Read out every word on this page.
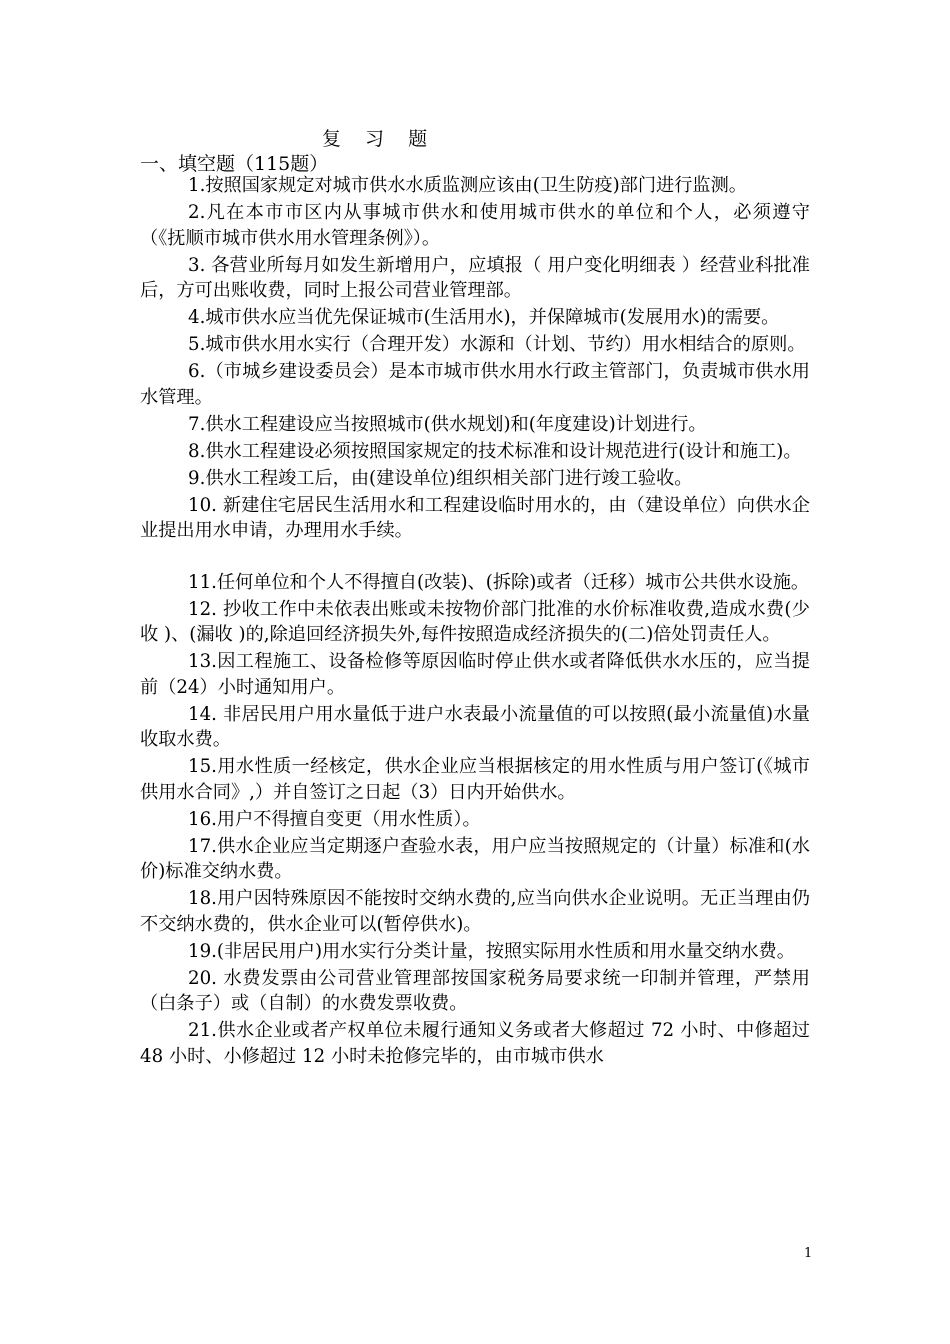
复 习 题
一、填空题（115题）

1.按照国家规定对城市供水水质监测应该由(卫生防疫)部门进行监测。

2.凡在本市市区内从事城市供水和使用城市供水的单位和个人，必须遵守（《抚顺市城市供水用水管理条例》）。

3. 各营业所每月如发生新增用户，应填报（ 用户变化明细表 ）经营业科批准后，方可出账收费，同时上报公司营业管理部。

4.城市供水应当优先保证城市(生活用水)，并保障城市(发展用水)的需要。

5.城市供水用水实行（合理开发）水源和（计划、节约）用水相结合的原则。

6.（市城乡建设委员会）是本市城市供水用水行政主管部门，负责城市供水用水管理。

7.供水工程建设应当按照城市(供水规划)和(年度建设)计划进行。

8.供水工程建设必须按照国家规定的技术标准和设计规范进行(设计和施工)。

9.供水工程竣工后，由(建设单位)组织相关部门进行竣工验收。

10. 新建住宅居民生活用水和工程建设临时用水的，由（建设单位）向供水企业提出用水申请，办理用水手续。

11.任何单位和个人不得擅自(改装)、(拆除)或者（迁移）城市公共供水设施。

12. 抄收工作中未依表出账或未按物价部门批准的水价标准收费,造成水费(少收 )、(漏收 )的,除追回经济损失外,每件按照造成经济损失的(二)倍处罚责任人。

13.因工程施工、设备检修等原因临时停止供水或者降低供水水压的，应当提前（24）小时通知用户。

14. 非居民用户用水量低于进户水表最小流量值的可以按照(最小流量值)水量收取水费。

15.用水性质一经核定，供水企业应当根据核定的用水性质与用户签订(《城市供用水合同》,）并自签订之日起（3）日内开始供水。

16.用户不得擅自变更（用水性质）。

17.供水企业应当定期逐户查验水表，用户应当按照规定的（计量）标准和(水价)标准交纳水费。

18.用户因特殊原因不能按时交纳水费的,应当向供水企业说明。无正当理由仍不交纳水费的，供水企业可以(暂停供水)。

19.(非居民用户)用水实行分类计量，按照实际用水性质和用水量交纳水费。

20. 水费发票由公司营业管理部按国家税务局要求统一印制并管理，严禁用（白条子）或（自制）的水费发票收费。

21.供水企业或者产权单位未履行通知义务或者大修超过 72 小时、中修超过 48 小时、小修超过 12 小时未抢修完毕的，由市城市供水

1
